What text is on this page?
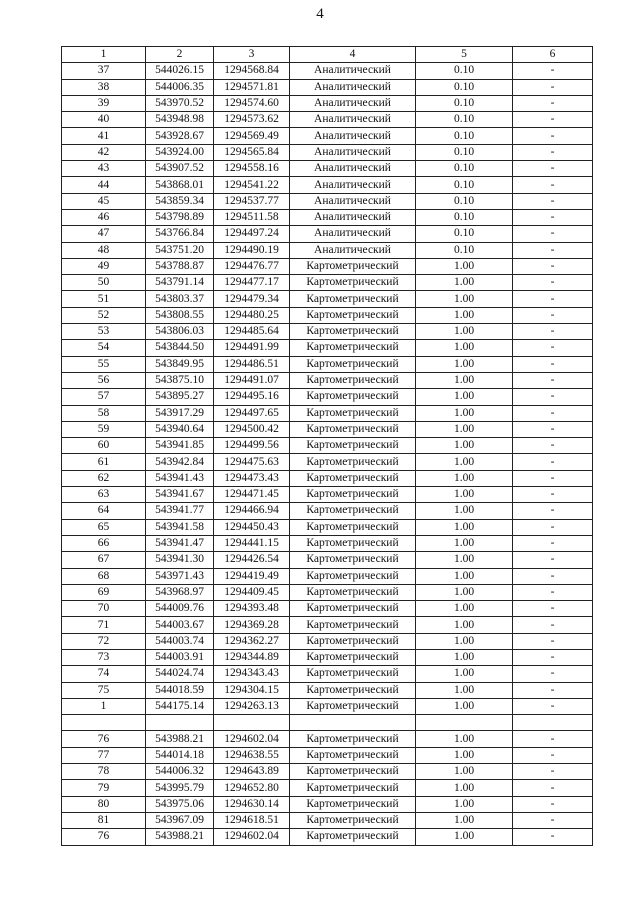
4
1	2	3	4	5	6
37	544026.15	1294568.84	Аналитический	0.10	-
38	544006.35	1294571.81	Аналитический	0.10	-
39	543970.52	1294574.60	Аналитический	0.10	-
40	543948.98	1294573.62	Аналитический	0.10	-
41	543928.67	1294569.49	Аналитический	0.10	-
42	543924.00	1294565.84	Аналитический	0.10	-
43	543907.52	1294558.16	Аналитический	0.10	-
44	543868.01	1294541.22	Аналитический	0.10	-
45	543859.34	1294537.77	Аналитический	0.10	-
46	543798.89	1294511.58	Аналитический	0.10	-
47	543766.84	1294497.24	Аналитический	0.10	-
48	543751.20	1294490.19	Аналитический	0.10	-
49	543788.87	1294476.77	Картометрический	1.00	-
50	543791.14	1294477.17	Картометрический	1.00	-
51	543803.37	1294479.34	Картометрический	1.00	-
52	543808.55	1294480.25	Картометрический	1.00	-
53	543806.03	1294485.64	Картометрический	1.00	-
54	543844.50	1294491.99	Картометрический	1.00	-
55	543849.95	1294486.51	Картометрический	1.00	-
56	543875.10	1294491.07	Картометрический	1.00	-
57	543895.27	1294495.16	Картометрический	1.00	-
58	543917.29	1294497.65	Картометрический	1.00	-
59	543940.64	1294500.42	Картометрический	1.00	-
60	543941.85	1294499.56	Картометрический	1.00	-
61	543942.84	1294475.63	Картометрический	1.00	-
62	543941.43	1294473.43	Картометрический	1.00	-
63	543941.67	1294471.45	Картометрический	1.00	-
64	543941.77	1294466.94	Картометрический	1.00	-
65	543941.58	1294450.43	Картометрический	1.00	-
66	543941.47	1294441.15	Картометрический	1.00	-
67	543941.30	1294426.54	Картометрический	1.00	-
68	543971.43	1294419.49	Картометрический	1.00	-
69	543968.97	1294409.45	Картометрический	1.00	-
70	544009.76	1294393.48	Картометрический	1.00	-
71	544003.67	1294369.28	Картометрический	1.00	-
72	544003.74	1294362.27	Картометрический	1.00	-
73	544003.91	1294344.89	Картометрический	1.00	-
74	544024.74	1294343.43	Картометрический	1.00	-
75	544018.59	1294304.15	Картометрический	1.00	-
1	544175.14	1294263.13	Картометрический	1.00	-

76	543988.21	1294602.04	Картометрический	1.00	-
77	544014.18	1294638.55	Картометрический	1.00	-
78	544006.32	1294643.89	Картометрический	1.00	-
79	543995.79	1294652.80	Картометрический	1.00	-
80	543975.06	1294630.14	Картометрический	1.00	-
81	543967.09	1294618.51	Картометрический	1.00	-
76	543988.21	1294602.04	Картометрический	1.00	-
